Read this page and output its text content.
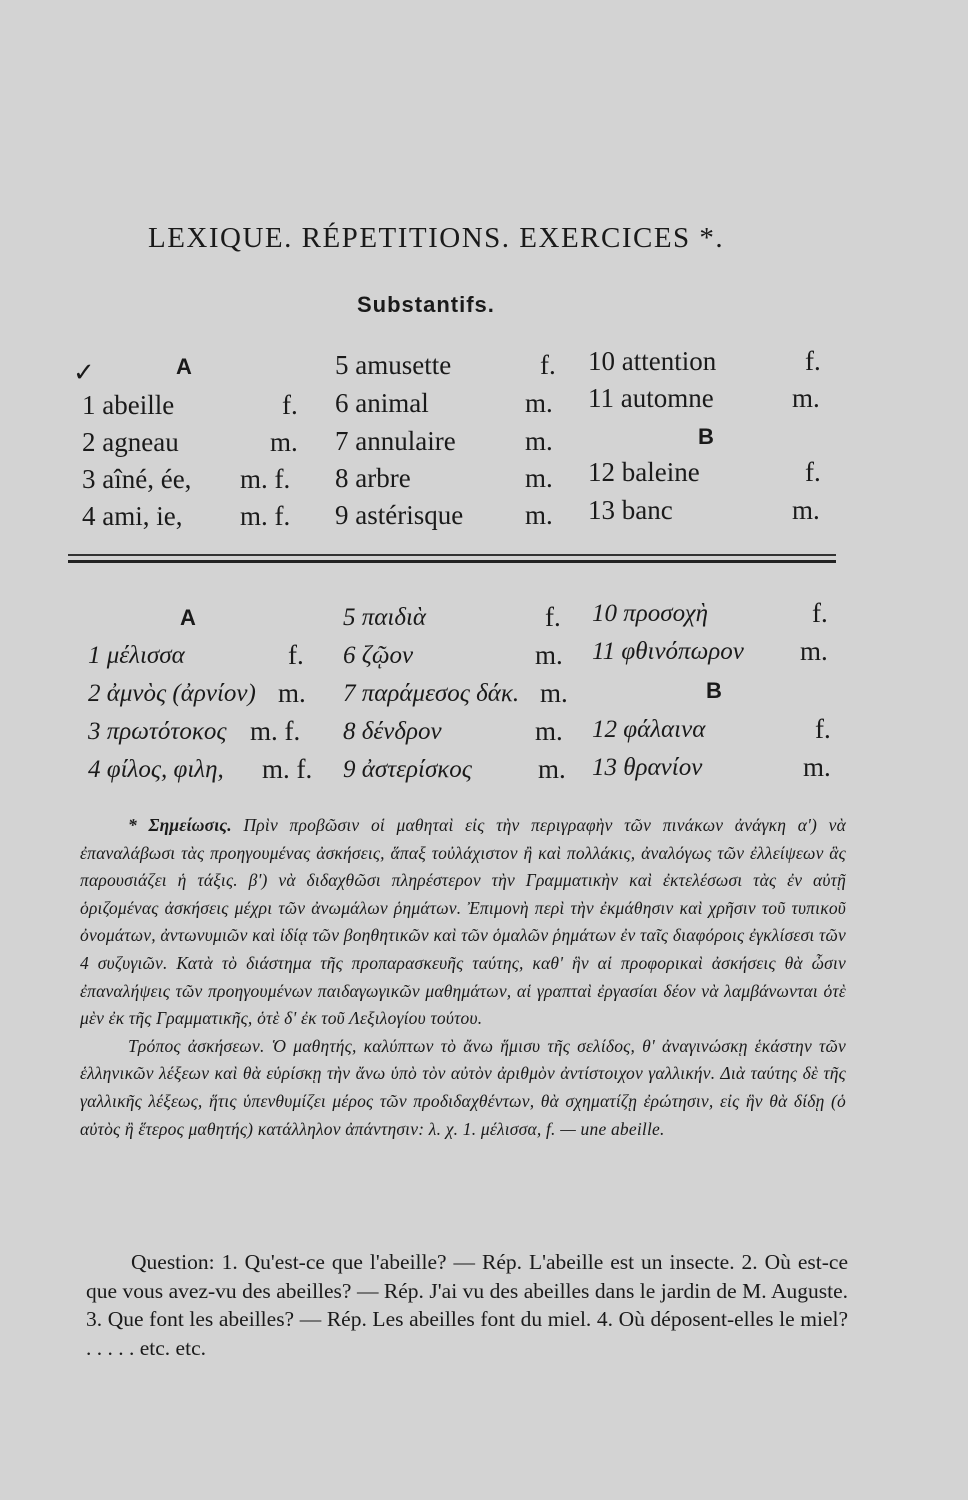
LEXIQUE. RÉPETITIONS. EXERCICES *.
Substantifs.
✓	A
1 abeille	f.
2 agneau	m.
3 aîné, ée, m. f.
4 ami, ie, m. f.
5 amusette	f.
6 animal	m.
7 annulaire	m.
8 arbre	m.
9 astérisque m.
10 attention	f.
11 automne	m.
B
12 baleine	f.
13 banc	m.
A
1 μέλισσα	f.
2 ἀμνὸς (ἀρνίον) m.
3 πρωτότοκος m. f.
4 φίλος, φιλη, m. f.
5 παιδιὰ	f.
6 ζῷον	m.
7 παράμεσος δάκ. m.
8 δένδρον	m.
9 ἀστερίσκος m.
10 προσοχὴ	f.
11 φθινόπωρον m.
B
12 φάλαινα	f.
13 θρανίον	m.

* Σημείωσις. Πρὶν προβῶσιν οἱ μαθηταὶ εἰς τὴν περιγραφὴν τῶν πινάκων ἀνάγκη α') νὰ ἐπαναλάβωσι τὰς προηγουμένας ἀσκήσεις, ἅπαξ τοὐλάχιστον ἢ καὶ πολλάκις, ἀναλόγως τῶν ἐλλείψεων ἃς παρουσιάζει ἡ τάξις. β') νὰ διδαχθῶσι πληρέστερον τὴν Γραμματικὴν καὶ ἐκτελέσωσι τὰς ἐν αὐτῇ ὁριζομένας ἀσκήσεις μέχρι τῶν ἀνωμάλων ῥημάτων. Ἐπιμονὴ περὶ τὴν ἐκμάθησιν καὶ χρῆσιν τοῦ τυπικοῦ ὀνομάτων, ἀντωνυμιῶν καὶ ἰδίᾳ τῶν βοηθητικῶν καὶ τῶν ὁμαλῶν ῥημάτων ἐν ταῖς διαφόροις ἐγκλίσεσι τῶν 4 συζυγιῶν. Κατὰ τὸ διάστημα τῆς προπαρασκευῆς ταύτης, καθ' ἣν αἱ προφορικαὶ ἀσκήσεις θὰ ὦσιν ἐπαναλήψεις τῶν προηγουμένων παιδαγωγικῶν μαθημάτων, αἱ γραπταὶ ἐργασίαι δέον νὰ λαμβάνωνται ὁτὲ μὲν ἐκ τῆς Γραμματικῆς, ὁτὲ δ' ἐκ τοῦ Λεξιλογίου τούτου.

Τρόπος ἀσκήσεων. Ὁ μαθητής, καλύπτων τὸ ἄνω ἥμισυ τῆς σελίδος, θ' ἀναγινώσκῃ ἑκάστην τῶν ἑλληνικῶν λέξεων καὶ θὰ εὑρίσκῃ τὴν ἄνω ὑπὸ τὸν αὐτὸν ἀριθμὸν ἀντίστοιχον γαλλικήν. Διὰ ταύτης δὲ τῆς γαλλικῆς λέξεως, ἥτις ὑπενθυμίζει μέρος τῶν προδιδαχθέντων, θὰ σχηματίζῃ ἐρώτησιν, εἰς ἣν θὰ δίδῃ (ὁ αὐτὸς ἢ ἕτερος μαθητής) κατάλληλον ἀπάντησιν: λ. χ. 1. μέλισσα, f. — une abeille.

Question: 1. Qu'est-ce que l'abeille? — Rép. L'abeille est un insecte. 2. Où est-ce que vous avez-vu des abeilles? — Rép. J'ai vu des abeilles dans le jardin de M. Auguste. 3. Que font les abeilles? — Rép. Les abeilles font du miel. 4. Où déposent-elles le miel? . . . . . etc. etc.
